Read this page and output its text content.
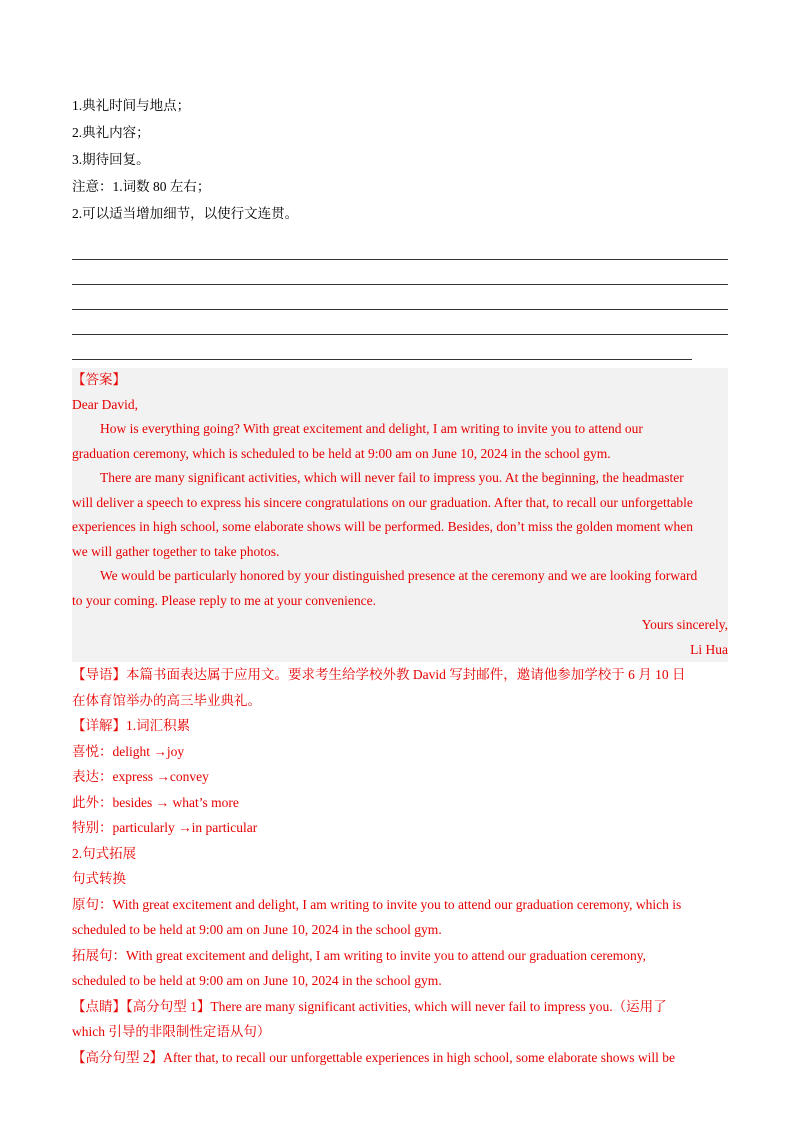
1.典礼时间与地点；
2.典礼内容；
3.期待回复。
注意：1.词数 80 左右；
2.可以适当增加细节，以使行文连贯。
【答案】
Dear David,
How is everything going? With great excitement and delight, I am writing to invite you to attend our
graduation ceremony, which is scheduled to be held at 9:00 am on June 10, 2024 in the school gym.
There are many significant activities, which will never fail to impress you. At the beginning, the headmaster
will deliver a speech to express his sincere congratulations on our graduation. After that, to recall our unforgettable
experiences in high school, some elaborate shows will be performed. Besides, don’t miss the golden moment when
we will gather together to take photos.
We would be particularly honored by your distinguished presence at the ceremony and we are looking forward
to your coming. Please reply to me at your convenience.
Yours sincerely,
Li Hua
【导语】本篇书面表达属于应用文。要求考生给学校外教 David 写封邮件，邀请他参加学校于 6 月 10 日
在体育馆举办的高三毕业典礼。
【详解】1.词汇积累
喜悦：delight →joy
表达：express →convey
此外：besides → what’s more
特别：particularly →in particular
2.句式拓展
句式转换
原句：With great excitement and delight, I am writing to invite you to attend our graduation ceremony, which is
scheduled to be held at 9:00 am on June 10, 2024 in the school gym.
拓展句：With great excitement and delight, I am writing to invite you to attend our graduation ceremony,
scheduled to be held at 9:00 am on June 10, 2024 in the school gym.
【点睛】【高分句型 1】There are many significant activities, which will never fail to impress you.（运用了
which 引导的非限制性定语从句）
【高分句型 2】After that, to recall our unforgettable experiences in high school, some elaborate shows will be
